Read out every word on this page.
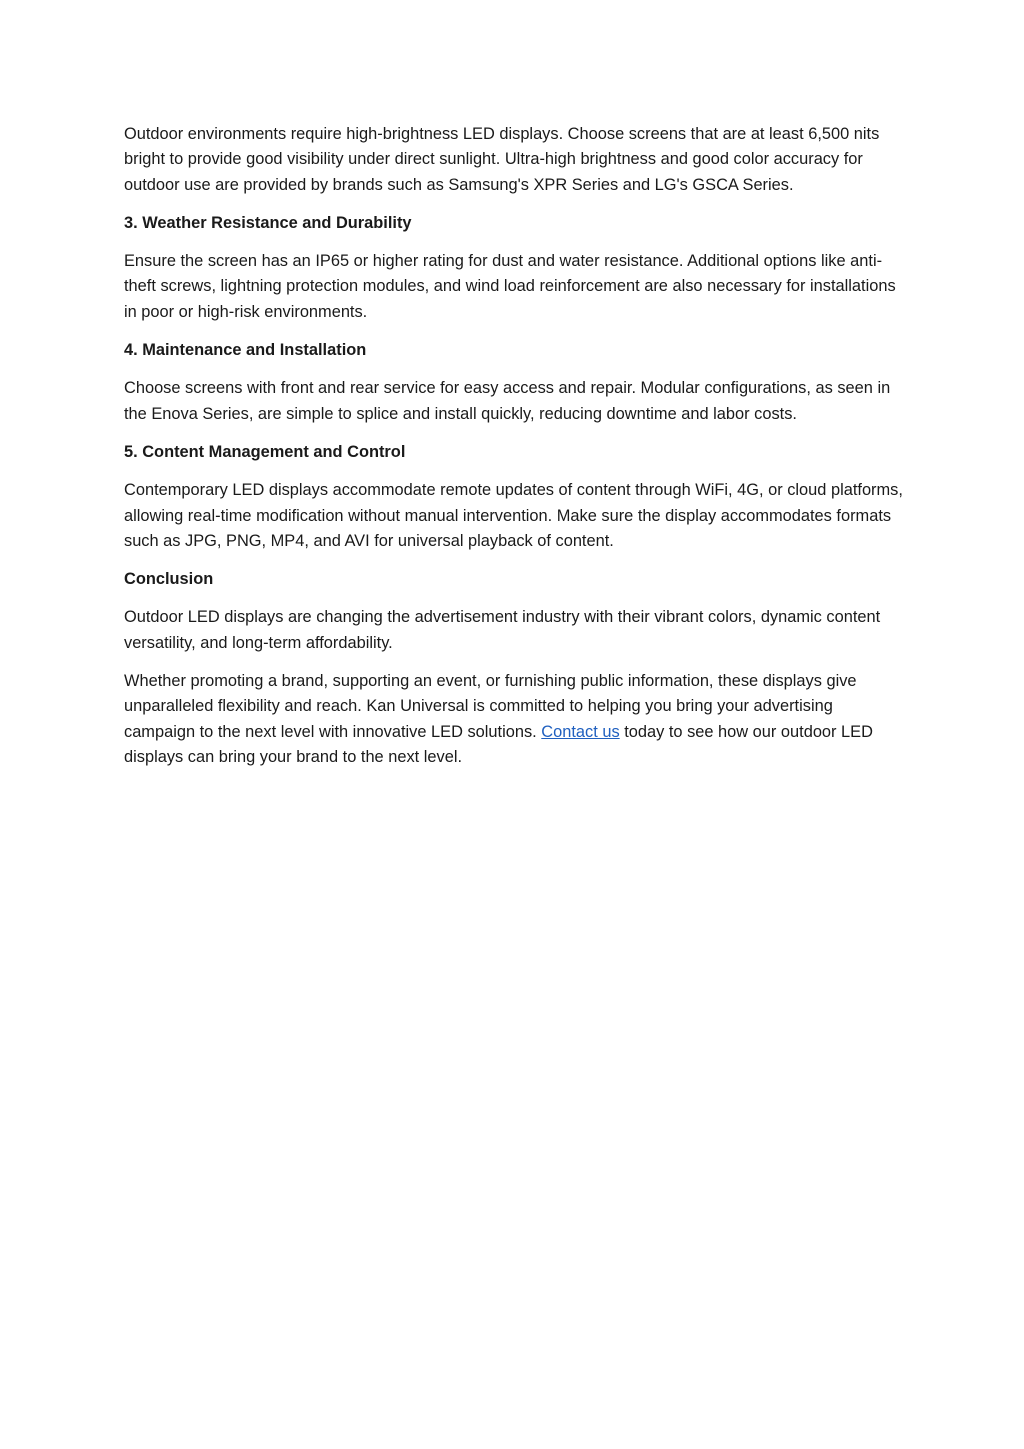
Outdoor environments require high-brightness LED displays. Choose screens that are at least 6,500 nits bright to provide good visibility under direct sunlight. Ultra-high brightness and good color accuracy for outdoor use are provided by brands such as Samsung's XPR Series and LG's GSCA Series.

3. Weather Resistance and Durability

Ensure the screen has an IP65 or higher rating for dust and water resistance. Additional options like anti-theft screws, lightning protection modules, and wind load reinforcement are also necessary for installations in poor or high-risk environments.

4. Maintenance and Installation

Choose screens with front and rear service for easy access and repair. Modular configurations, as seen in the Enova Series, are simple to splice and install quickly, reducing downtime and labor costs.

5. Content Management and Control

Contemporary LED displays accommodate remote updates of content through WiFi, 4G, or cloud platforms, allowing real-time modification without manual intervention. Make sure the display accommodates formats such as JPG, PNG, MP4, and AVI for universal playback of content.

Conclusion

Outdoor LED displays are changing the advertisement industry with their vibrant colors, dynamic content versatility, and long-term affordability.

Whether promoting a brand, supporting an event, or furnishing public information, these displays give unparalleled flexibility and reach. Kan Universal is committed to helping you bring your advertising campaign to the next level with innovative LED solutions. Contact us today to see how our outdoor LED displays can bring your brand to the next level.
